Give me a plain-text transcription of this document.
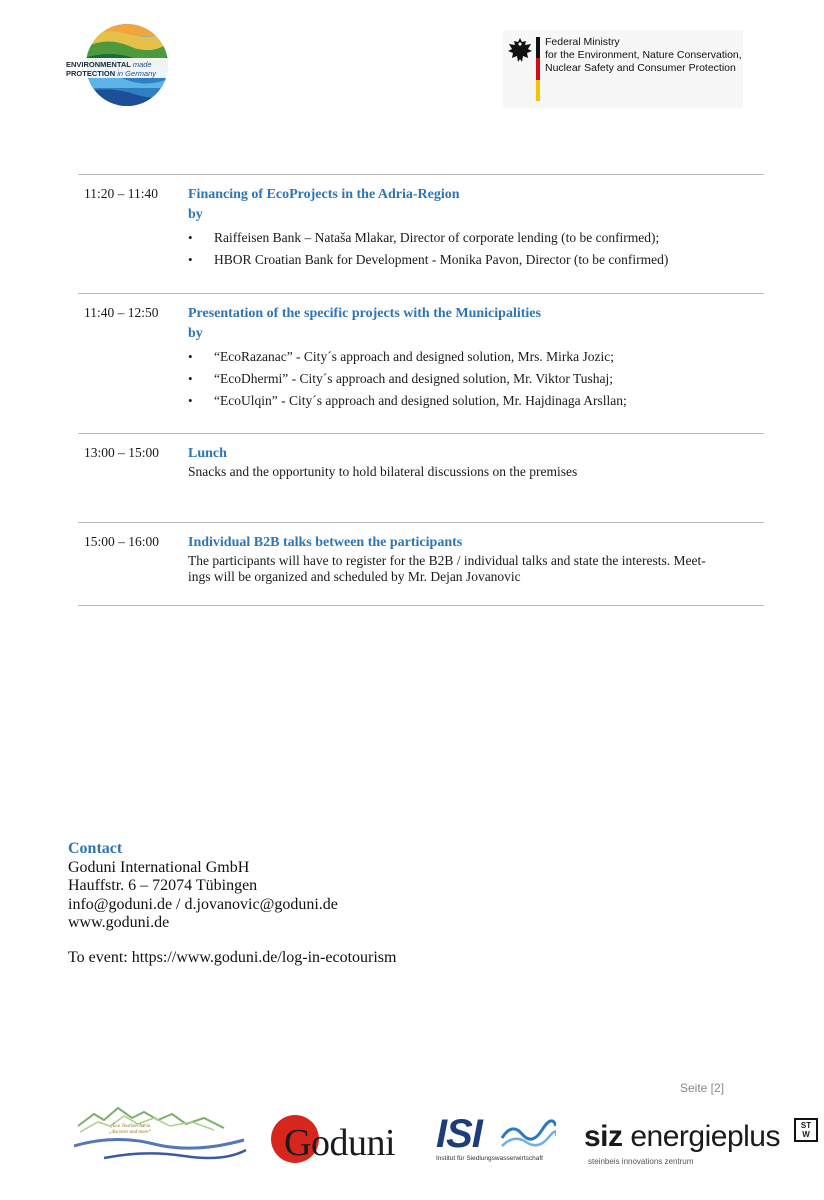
ENVIRONMENTAL made
PROTECTION in Germany
Federal Ministry
for the Environment, Nature Conservation,
Nuclear Safety and Consumer Protection
11:20 – 11:40 Financing of EcoProjects in the Adria-Region
by
• Raiffeisen Bank – Nataša Mlakar, Director of corporate lending (to be confirmed);
• HBOR Croatian Bank for Development - Monika Pavon, Director (to be confirmed)
11:40 – 12:50 Presentation of the specific projects with the Municipalities
by
• “EcoRazanac” - City´s approach and designed solution, Mrs. Mirka Jozic;
• “EcoDhermi” - City´s approach and designed solution, Mr. Viktor Tushaj;
• “EcoUlqin” - City´s approach and designed solution, Mr. Hajdinaga Arsllan;
13:00 – 15:00 Lunch
Snacks and the opportunity to hold bilateral discussions on the premises
15:00 – 16:00 Individual B2B talks between the participants
The participants will have to register for the B2B / individual talks and state the interests. Meet-
ings will be organized and scheduled by Mr. Dejan Jovanovic
Contact
Goduni International GmbH
Hauffstr. 6 – 72074 Tübingen
info@goduni.de / d.jovanovic@goduni.de
www.goduni.de
To event: https://www.goduni.de/log-in-ecotourism
Seite [2]
„Eco Tourism Adria
„discover and more“	Goduni ISI
Institut für Siedlungswasserwirtschaft
siz energieplus
steinbeis innovations zentrum
ST
W
